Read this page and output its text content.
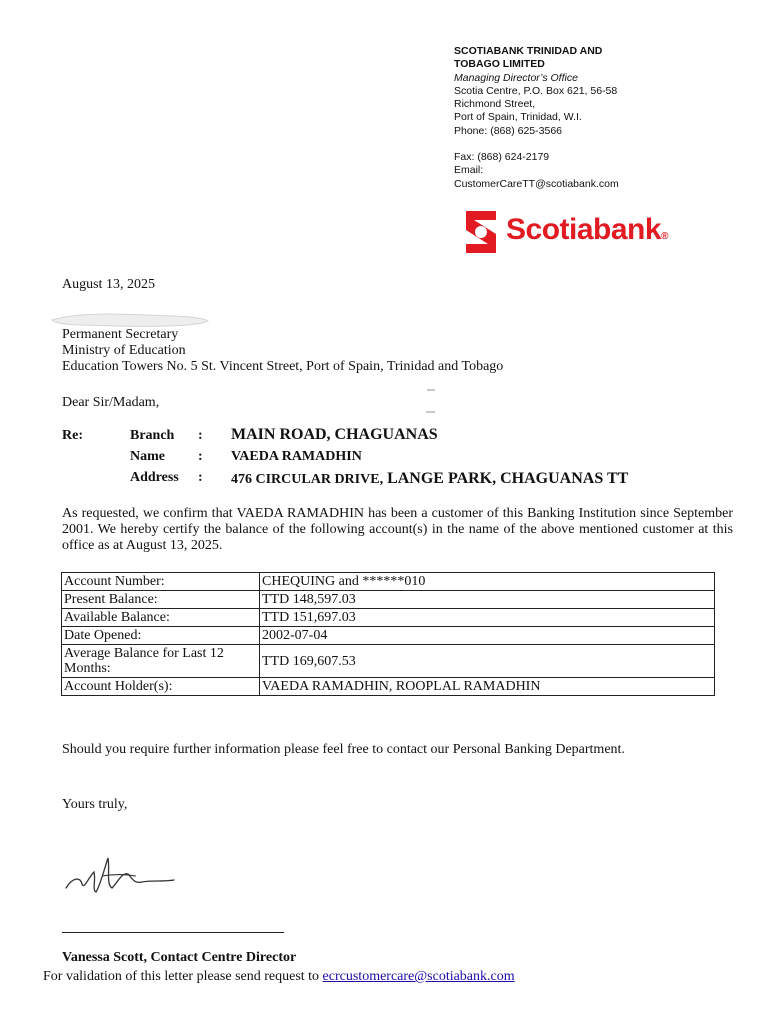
SCOTIABANK TRINIDAD AND
TOBAGO LIMITED
Managing Director’s Office
Scotia Centre, P.O. Box 621, 56-58
Richmond Street,
Port of Spain, Trinidad, W.I.
Phone: (868) 625-3566
Fax: (868) 624-2179
Email:
CustomerCareTT@scotiabank.com
Scotiabank®
August 13, 2025
Permanent Secretary
Ministry of Education
Education Towers No. 5 St. Vincent Street, Port of Spain, Trinidad and Tobago
Dear Sir/Madam,
Re:	Branch : MAIN ROAD, CHAGUANAS
Name : VAEDA RAMADHIN
Address : 476 CIRCULAR DRIVE, LANGE PARK, CHAGUANAS TT
As requested, we confirm that VAEDA RAMADHIN has been a customer of this Banking Institution since September 2001. We hereby certify the balance of the following account(s) in the name of the above mentioned customer at this office as at August 13, 2025.
Account Number:	CHEQUING and ******010
Present Balance:	TTD 148,597.03
Available Balance:	TTD 151,697.03
Date Opened:	2002-07-04
Average Balance for Last 12 Months:	TTD 169,607.53
Account Holder(s):	VAEDA RAMADHIN, ROOPLAL RAMADHIN
Should you require further information please feel free to contact our Personal Banking Department.
Yours truly,
Vanessa Scott, Contact Centre Director
For validation of this letter please send request to ecrcustomercare@scotiabank.com
